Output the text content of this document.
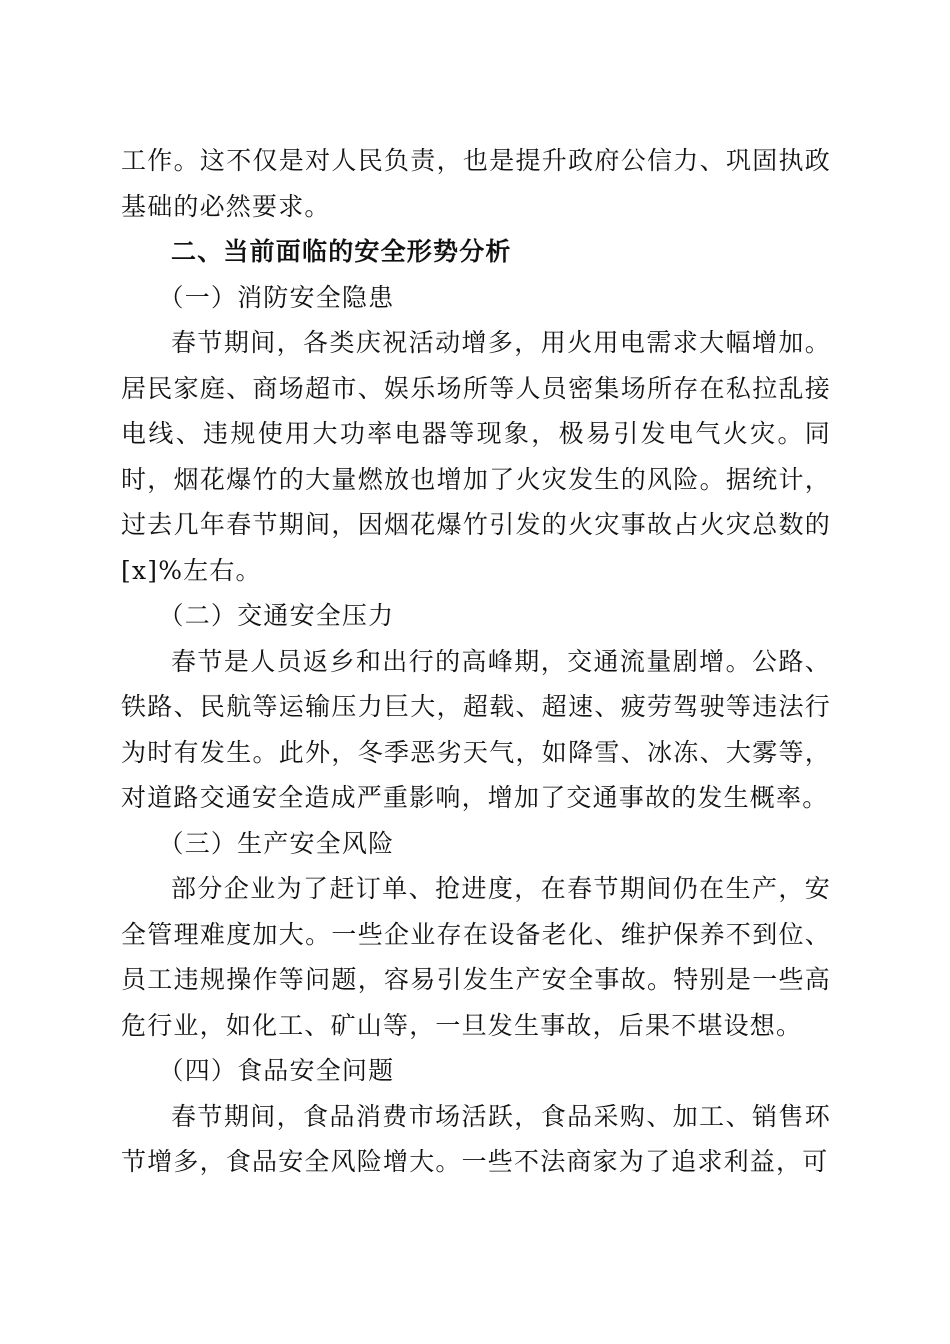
工作。这不仅是对人民负责，也是提升政府公信力、巩固执政基础的必然要求。

二、当前面临的安全形势分析

（一）消防安全隐患

春节期间，各类庆祝活动增多，用火用电需求大幅增加。居民家庭、商场超市、娱乐场所等人员密集场所存在私拉乱接电线、违规使用大功率电器等现象，极易引发电气火灾。同时，烟花爆竹的大量燃放也增加了火灾发生的风险。据统计，过去几年春节期间，因烟花爆竹引发的火灾事故占火灾总数的[x]%左右。

（二）交通安全压力

春节是人员返乡和出行的高峰期，交通流量剧增。公路、铁路、民航等运输压力巨大，超载、超速、疲劳驾驶等违法行为时有发生。此外，冬季恶劣天气，如降雪、冰冻、大雾等，对道路交通安全造成严重影响，增加了交通事故的发生概率。

（三）生产安全风险

部分企业为了赶订单、抢进度，在春节期间仍在生产，安全管理难度加大。一些企业存在设备老化、维护保养不到位、员工违规操作等问题，容易引发生产安全事故。特别是一些高危行业，如化工、矿山等，一旦发生事故，后果不堪设想。

（四）食品安全问题

春节期间，食品消费市场活跃，食品采购、加工、销售环节增多，食品安全风险增大。一些不法商家为了追求利益，可
